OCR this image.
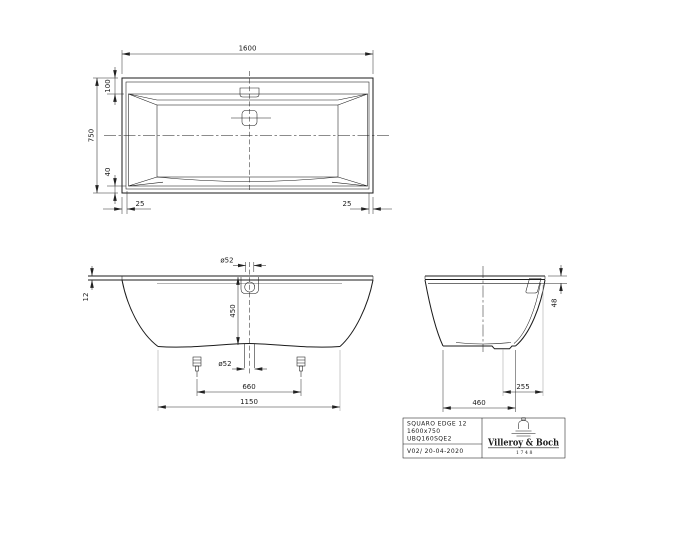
1600
750
100
40
25	25
ø52
12
450
ø52
660
1150
48
255
460
SQUARO EDGE 12
1600x750
UBQ160SQE2
V02/ 20-04-2020
Villeroy & Boch
1748
